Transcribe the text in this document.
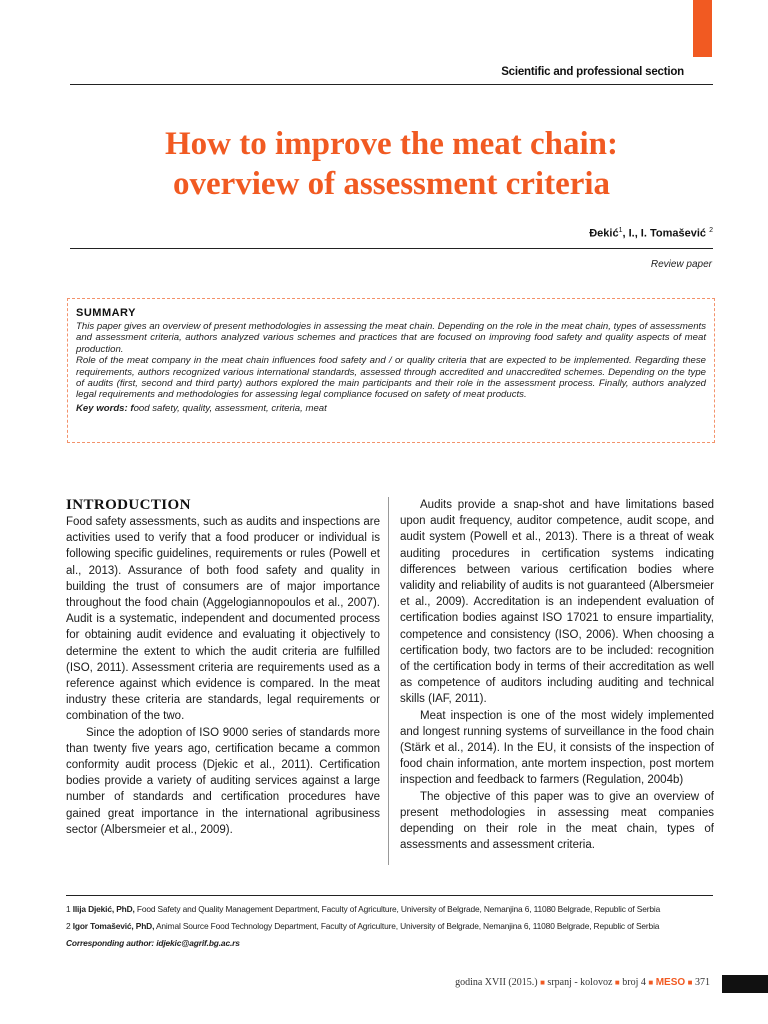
Scientific and professional section
How to improve the meat chain:
overview of assessment criteria
Đekić$^1$, I., I. Tomašević $^2$
Review paper
SUMMARY

This paper gives an overview of present methodologies in assessing the meat chain. Depending on the role in the meat chain, types of assessments and assessment criteria, authors analyzed various schemes and practices that are focused on improving food safety and quality aspects of meat production.

Role of the meat company in the meat chain influences food safety and / or quality criteria that are expected to be implemented. Regarding these requirements, authors recognized various international standards, assessed through accredited and unaccredited schemes. Depending on the type of audits (first, second and third party) authors explored the main participants and their role in the assessment process. Finally, authors analyzed legal requirements and methodologies for assessing legal compliance focused on safety of meat products.

Key words: food safety, quality, assessment, criteria, meat
INTRODUCTION

Food safety assessments, such as audits and inspections are activities used to verify that a food producer or individual is following specific guidelines, requirements or rules (Powell et al., 2013). Assurance of both food safety and quality in building the trust of consumers are of major importance throughout the food chain (Aggelogiannopoulos et al., 2007). Audit is a systematic, independent and documented process for obtaining audit evidence and evaluating it objectively to determine the extent to which the audit criteria are fulfilled (ISO, 2011). Assessment criteria are requirements used as a reference against which evidence is compared. In the meat industry these criteria are standards, legal requirements or combination of the two.

Since the adoption of ISO 9000 series of standards more than twenty five years ago, certification became a common conformity audit process (Djekic et al., 2011). Certification bodies provide a variety of auditing services against a large number of standards and certification procedures have gained great importance in the international agribusiness sector (Albersmeier et al., 2009).

Audits provide a snap-shot and have limitations based upon audit frequency, auditor competence, audit scope, and audit system (Powell et al., 2013). There is a threat of weak auditing procedures in certification systems indicating differences between various certification bodies where validity and reliability of audits is not guaranteed (Albersmeier et al., 2009). Accreditation is an independent evaluation of certification bodies against ISO 17021 to ensure impartiality, competence and consistency (ISO, 2006). When choosing a certification body, two factors are to be included: recognition of the certification body in terms of their accreditation as well as competence of auditors including auditing and technical skills (IAF, 2011).

Meat inspection is one of the most widely implemented and longest running systems of surveillance in the food chain (Stärk et al., 2014). In the EU, it consists of the inspection of food chain information, ante mortem inspection, post mortem inspection and feedback to farmers (Regulation, 2004b)

The objective of this paper was to give an overview of present methodologies in assessing meat companies depending on their role in the meat chain, types of assessments and assessment criteria.

1 Ilija Djekić, PhD, Food Safety and Quality Management Department, Faculty of Agriculture, University of Belgrade, Nemanjina 6, 11080 Belgrade, Republic of Serbia
2 Igor Tomašević, PhD, Animal Source Food Technology Department, Faculty of Agriculture, University of Belgrade, Nemanjina 6, 11080 Belgrade, Republic of Serbia
Corresponding author: idjekic@agrif.bg.ac.rs
godina XVII (2015.) ■ srpanj - kolovoz ■ broj 4 ■ MESO ■ 371
